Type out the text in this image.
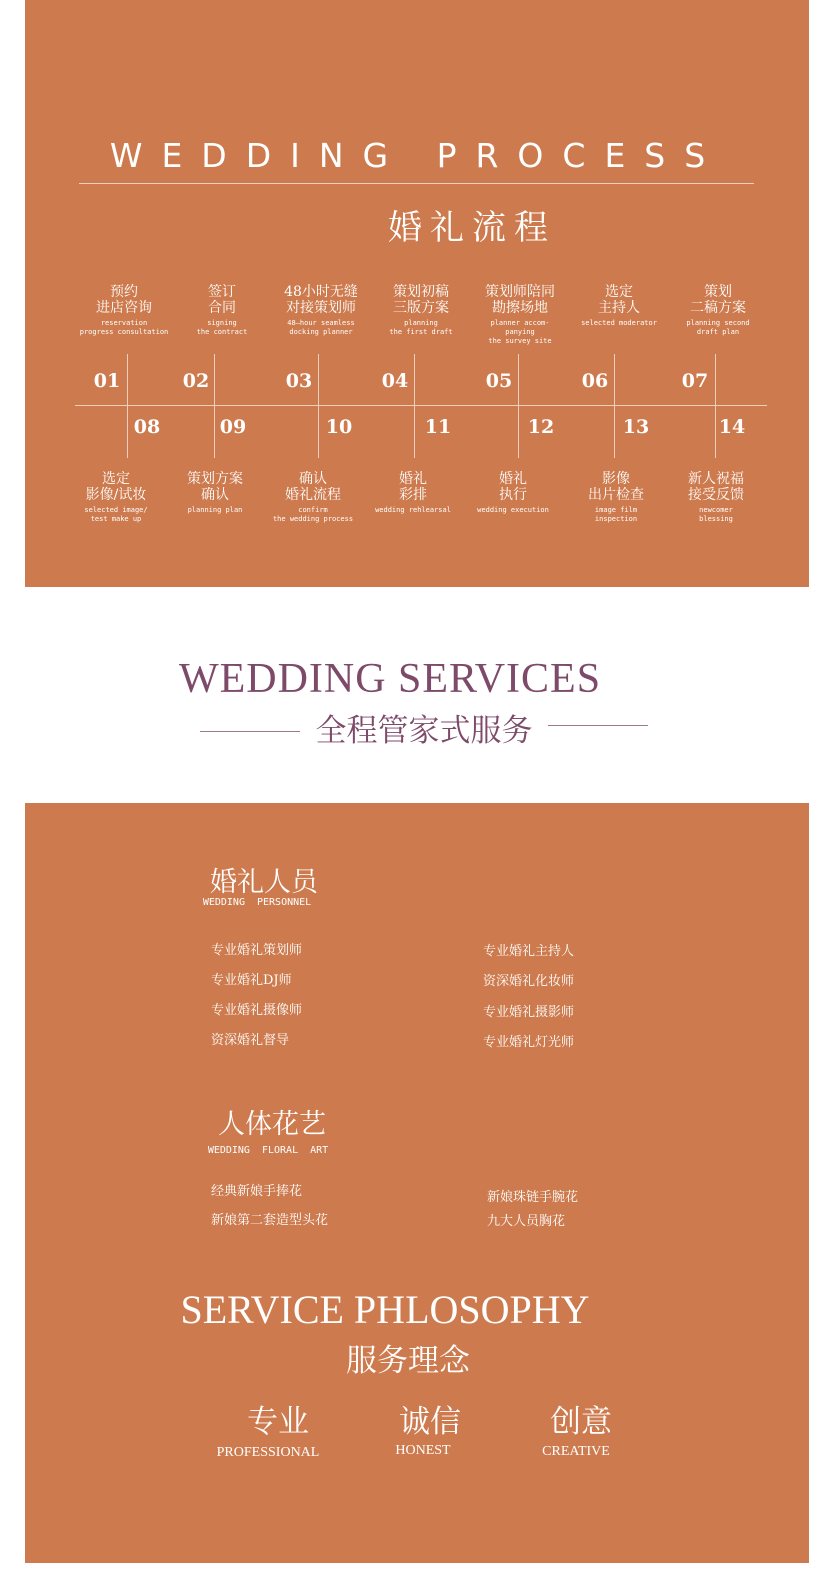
WEDDING PROCESS
婚礼流程
预约
进店咨询
reservation
progress consultation
01
签订
合同
signing
the contract
02
48小时无缝
对接策划师
48—hour seamless
docking planner
03
策划初稿
三版方案
planning
the first draft
04
策划师陪同
勘擦场地
planner accom-
panying
the survey site
05
选定
主持人
selected moderator
06
策划
二稿方案
planning second
draft plan
07
08
选定
影像/试妆
selected image/
test make up
09
策划方案
确认
planning plan
10
确认
婚礼流程
confirm
the wedding process
11
婚礼
彩排
wedding rehlearsal
12
婚礼
执行
wedding execution
13
影像
出片检查
image film
inspection
14
新人祝福
接受反馈
newcomer
blessing
WEDDING SERVICES
全程管家式服务
婚礼人员
WEDDING PERSONNEL
专业婚礼策划师
专业婚礼DJ师
专业婚礼摄像师
资深婚礼督导
专业婚礼主持人
资深婚礼化妆师
专业婚礼摄影师
专业婚礼灯光师
人体花艺
WEDDING FLORAL ART
经典新娘手捧花
新娘第二套造型头花
新娘珠链手腕花
九大人员胸花
SERVICE PHLOSOPHY
服务理念
专业
PROFESSIONAL
诚信
HONEST
创意
CREATIVE
